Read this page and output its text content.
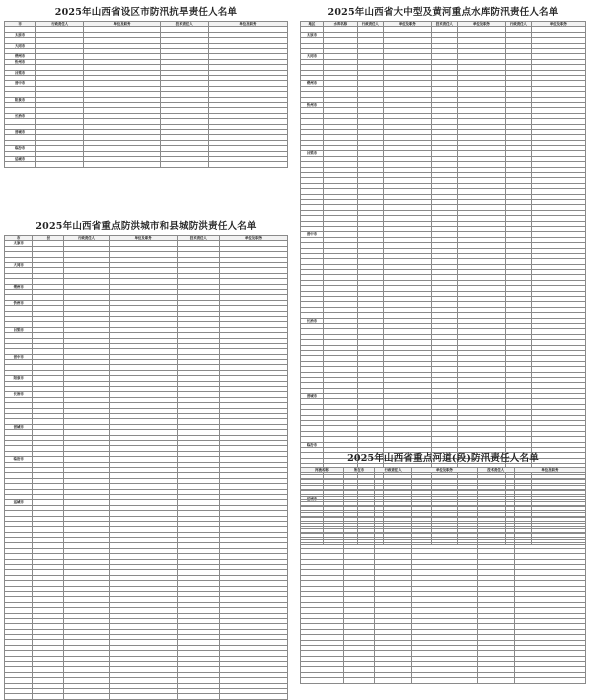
2025年山西省设区市防汛抗旱责任人名单
市	行政责任人	单位及职务	技术责任人	单位及职务

太原市				

大同市				

朔州市				
忻州市				

吕梁市				

晋中市				

阳泉市				

长治市				

晋城市				

临汾市				

运城市				

2025年山西省重点防洪城市和县城防洪责任人名单
市	县	行政责任人	单位及职务	技术责任人	单位及职务
太原市					

大同市					

朔州市					

忻州市					

吕梁市					

晋中市					

阳泉市					

长治市					

晋城市					

临汾市					

运城市					

2025年山西省大中型及黄河重点水库防汛责任人名单
地区	水库名称	行政责任人	单位及职务	技术责任人	单位及职务	行政责任人	单位及职务

太原市							

大同市							

朔州市							

忻州市							

吕梁市							

晋中市							

长治市							

晋城市							

临汾市							

运城市							

2025年山西省重点河道(段)防汛责任人名单
河流名称	所在市	行政责任人	单位及职务	技术责任人	单位及职务
